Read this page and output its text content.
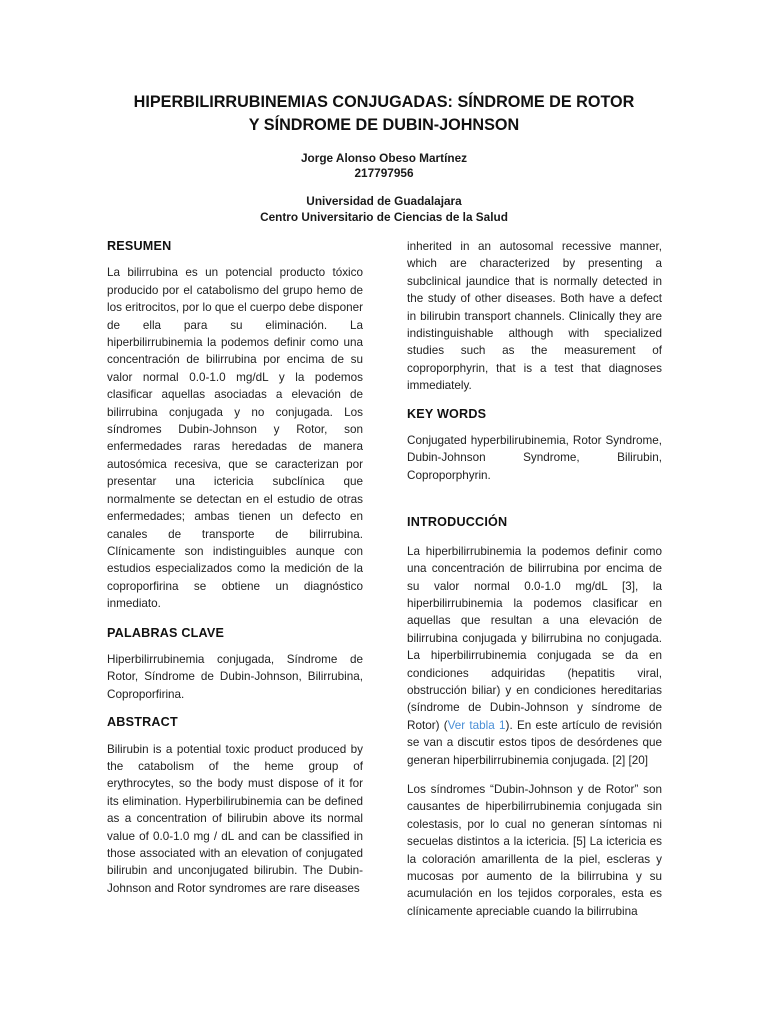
HIPERBILIRRUBINEMIAS CONJUGADAS: SÍNDROME DE ROTOR
Y SÍNDROME DE DUBIN-JOHNSON
Jorge Alonso Obeso Martínez
217797956
Universidad de Guadalajara
Centro Universitario de Ciencias de la Salud

RESUMEN

La bilirrubina es un potencial producto tóxico producido por el catabolismo del grupo hemo de los eritrocitos, por lo que el cuerpo debe disponer de ella para su eliminación. La hiperbilirrubinemia la podemos definir como una concentración de bilirrubina por encima de su valor normal 0.0-1.0 mg/dL y la podemos clasificar aquellas asociadas a elevación de bilirrubina conjugada y no conjugada. Los síndromes Dubin-Johnson y Rotor, son enfermedades raras heredadas de manera autosómica recesiva, que se caracterizan por presentar una ictericia subclínica que normalmente se detectan en el estudio de otras enfermedades; ambas tienen un defecto en canales de transporte de bilirrubina. Clínicamente son indistinguibles aunque con estudios especializados como la medición de la coproporfirina se obtiene un diagnóstico inmediato.

PALABRAS CLAVE

Hiperbilirrubinemia conjugada, Síndrome de Rotor, Síndrome de Dubin-Johnson, Bilirrubina, Coproporfirina.

ABSTRACT

Bilirubin is a potential toxic product produced by the catabolism of the heme group of erythrocytes, so the body must dispose of it for its elimination. Hyperbilirubinemia can be defined as a concentration of bilirubin above its normal value of 0.0-1.0 mg / dL and can be classified in those associated with an elevation of conjugated bilirubin and unconjugated bilirubin. The Dubin-Johnson and Rotor syndromes are rare diseases

inherited in an autosomal recessive manner, which are characterized by presenting a subclinical jaundice that is normally detected in the study of other diseases. Both have a defect in bilirubin transport channels. Clinically they are indistinguishable although with specialized studies such as the measurement of coproporphyrin, that is a test that diagnoses immediately.

KEY WORDS

Conjugated hyperbilirubinemia, Rotor Syndrome, Dubin-Johnson Syndrome, Bilirubin, Coproporphyrin.

INTRODUCCIÓN

La hiperbilirrubinemia la podemos definir como una concentración de bilirrubina por encima de su valor normal 0.0-1.0 mg/dL [3], la hiperbilirrubinemia la podemos clasificar en aquellas que resultan a una elevación de bilirrubina conjugada y bilirrubina no conjugada. La hiperbilirrubinemia conjugada se da en condiciones adquiridas (hepatitis viral, obstrucción biliar) y en condiciones hereditarias (síndrome de Dubin-Johnson y síndrome de Rotor) (Ver tabla 1). En este artículo de revisión se van a discutir estos tipos de desórdenes que generan hiperbilirrubinemia conjugada. [2] [20]

Los síndromes “Dubin-Johnson y de Rotor” son causantes de hiperbilirrubinemia conjugada sin colestasis, por lo cual no generan síntomas ni secuelas distintos a la ictericia. [5] La ictericia es la coloración amarillenta de la piel, escleras y mucosas por aumento de la bilirrubina y su acumulación en los tejidos corporales, esta es clínicamente apreciable cuando la bilirrubina
